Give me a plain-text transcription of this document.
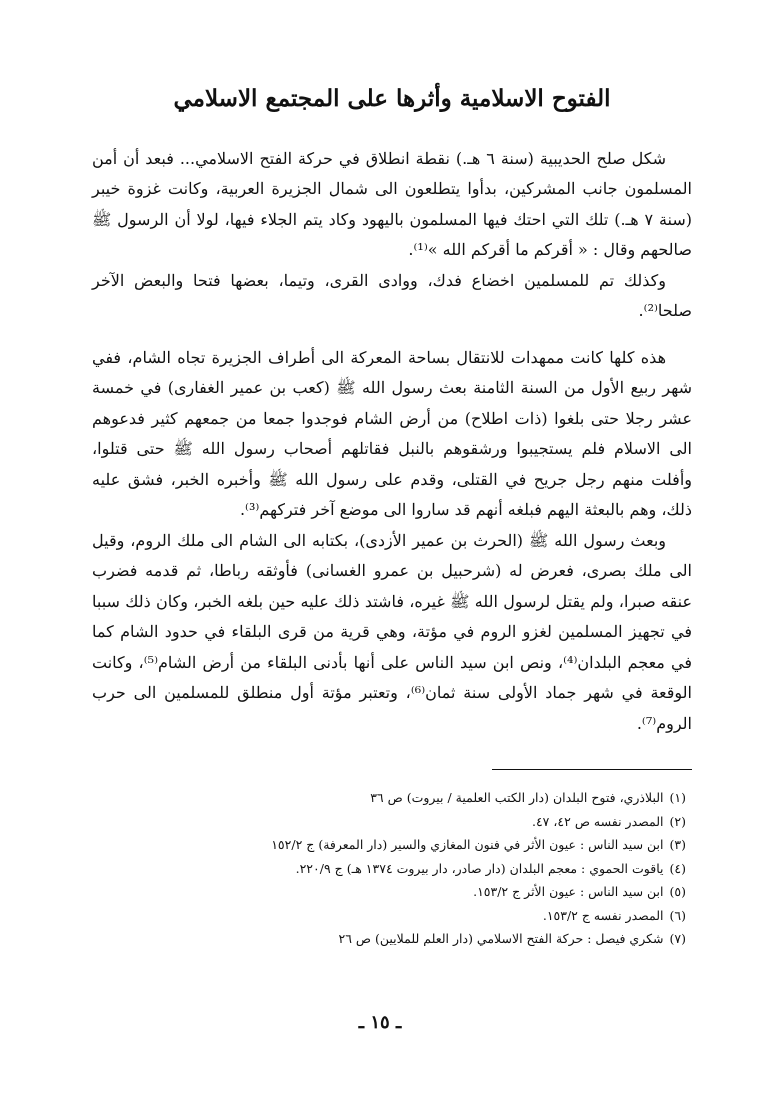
الفتوح الاسلامية وأثرها على المجتمع الاسلامي

شكل صلح الحديبية (سنة ٦ هـ.) نقطة انطلاق في حركة الفتح الاسلامي... فبعد أن أمن المسلمون جانب المشركين، بدأوا يتطلعون الى شمال الجزيرة العربية، وكانت غزوة خيبر (سنة ٧ هـ.) تلك التي احتك فيها المسلمون باليهود وكاد يتم الجلاء فيها، لولا أن الرسول ﷺ صالحهم وقال : « أقركم ما أقركم الله »⁽¹⁾.

وكذلك تم للمسلمين اخضاع فدك، ووادى القرى، وتيما، بعضها فتحا والبعض الآخر صلحا⁽²⁾.

هذه كلها كانت ممهدات للانتقال بساحة المعركة الى أطراف الجزيرة تجاه الشام، ففي شهر ربيع الأول من السنة الثامنة بعث رسول الله ﷺ (كعب بن عمير الغفارى) في خمسة عشر رجلا حتى بلغوا (ذات اطلاح) من أرض الشام فوجدوا جمعا من جمعهم كثير فدعوهم الى الاسلام فلم يستجيبوا ورشقوهم بالنبل فقاتلهم أصحاب رسول الله ﷺ حتى قتلوا، وأفلت منهم رجل جريح في القتلى، وقدم على رسول الله ﷺ وأخبره الخبر، فشق عليه ذلك، وهم بالبعثة اليهم فبلغه أنهم قد ساروا الى موضع آخر فتركهم⁽³⁾.

وبعث رسول الله ﷺ (الحرث بن عمير الأزدى)، بكتابه الى الشام الى ملك الروم، وقيل الى ملك بصرى، فعرض له (شرحبيل بن عمرو الغسانى) فأوثقه رباطا، ثم قدمه فضرب عنقه صبرا، ولم يقتل لرسول الله ﷺ غيره، فاشتد ذلك عليه حين بلغه الخبر، وكان ذلك سببا في تجهيز المسلمين لغزو الروم في مؤتة، وهي قرية من قرى البلقاء في حدود الشام كما في معجم البلدان⁽⁴⁾، ونص ابن سيد الناس على أنها بأدنى البلقاء من أرض الشام⁽⁵⁾، وكانت الوقعة في شهر جماد الأولى سنة ثمان⁽⁶⁾، وتعتبر مؤتة أول منطلق للمسلمين الى حرب الروم⁽⁷⁾.

(١)البلاذري، فتوح البلدان (دار الكتب العلمية / بيروت) ص ٣٦
(٢)المصدر نفسه ص ٤٢، ٤٧.
(٣)ابن سيد الناس : عيون الأثر في فنون المغازي والسير (دار المعرفة) ج ١٥٢/٢
(٤)ياقوت الحموي : معجم البلدان (دار صادر، دار بيروت ١٣٧٤ هـ) ج ٢٢٠/٩.
(٥)ابن سيد الناس : عيون الأثر ج ١٥٣/٢.
(٦)المصدر نفسه ج ١٥٣/٢.
(٧)شكري فيصل : حركة الفتح الاسلامي (دار العلم للملايين) ص ٢٦
ـ ١٥ ـ
